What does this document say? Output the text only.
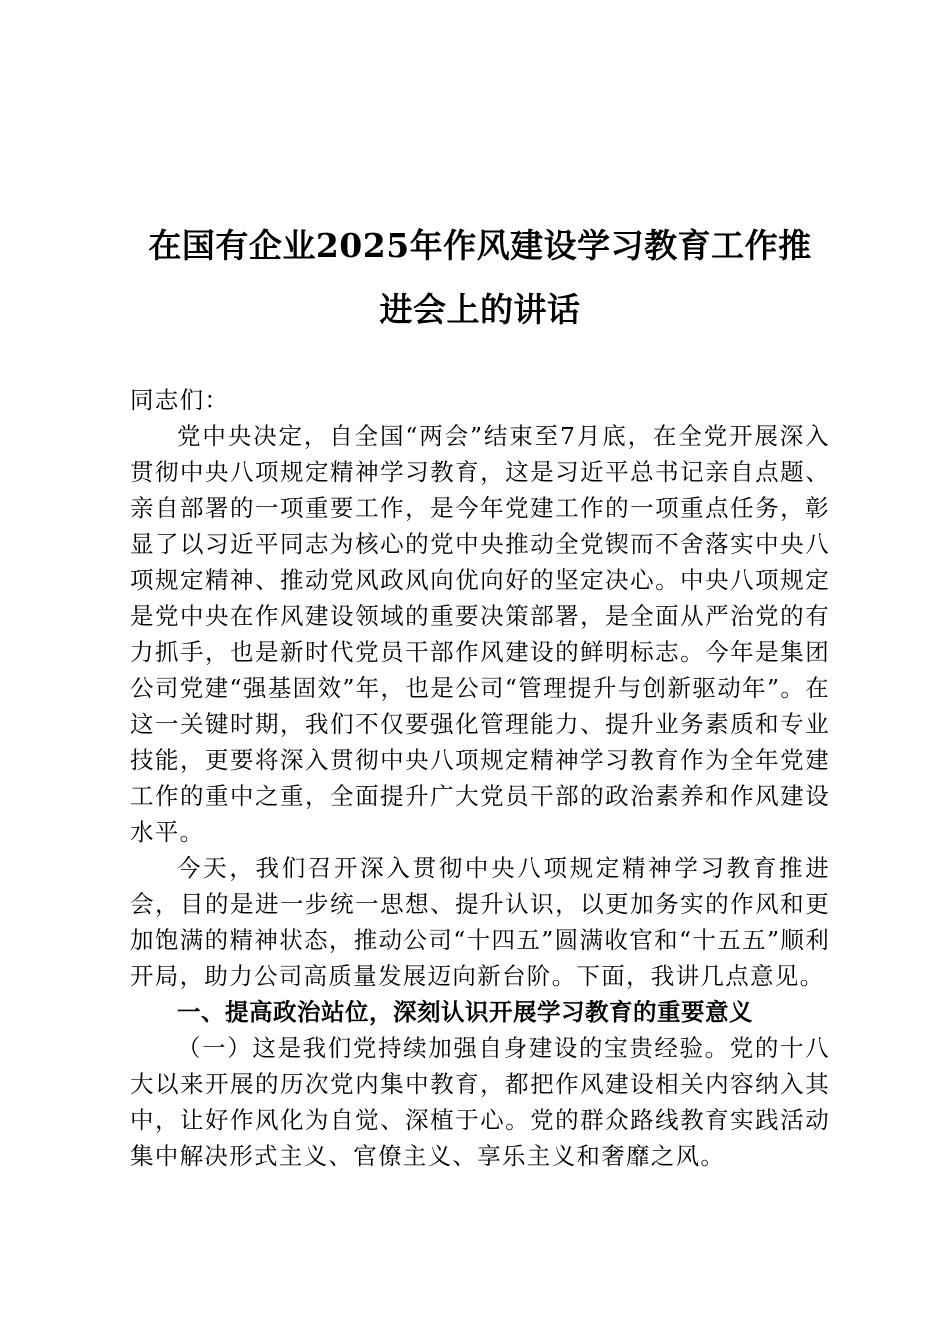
在国有企业2025年作风建设学习教育工作推
进会上的讲话

同志们：

党中央决定，自全国“两会”结束至7月底，在全党开展深入贯彻中央八项规定精神学习教育，这是习近平总书记亲自点题、亲自部署的一项重要工作，是今年党建工作的一项重点任务，彰显了以习近平同志为核心的党中央推动全党锲而不舍落实中央八项规定精神、推动党风政风向优向好的坚定决心。中央八项规定是党中央在作风建设领域的重要决策部署，是全面从严治党的有力抓手，也是新时代党员干部作风建设的鲜明标志。今年是集团公司党建“强基固效”年，也是公司“管理提升与创新驱动年”。在这一关键时期，我们不仅要强化管理能力、提升业务素质和专业技能，更要将深入贯彻中央八项规定精神学习教育作为全年党建工作的重中之重，全面提升广大党员干部的政治素养和作风建设水平。

今天，我们召开深入贯彻中央八项规定精神学习教育推进会，目的是进一步统一思想、提升认识，以更加务实的作风和更加饱满的精神状态，推动公司“十四五”圆满收官和“十五五”顺利开局，助力公司高质量发展迈向新台阶。下面，我讲几点意见。

一、提高政治站位，深刻认识开展学习教育的重要意义

（一）这是我们党持续加强自身建设的宝贵经验。党的十八大以来开展的历次党内集中教育，都把作风建设相关内容纳入其中，让好作风化为自觉、深植于心。党的群众路线教育实践活动集中解决形式主义、官僚主义、享乐主义和奢靡之风。
